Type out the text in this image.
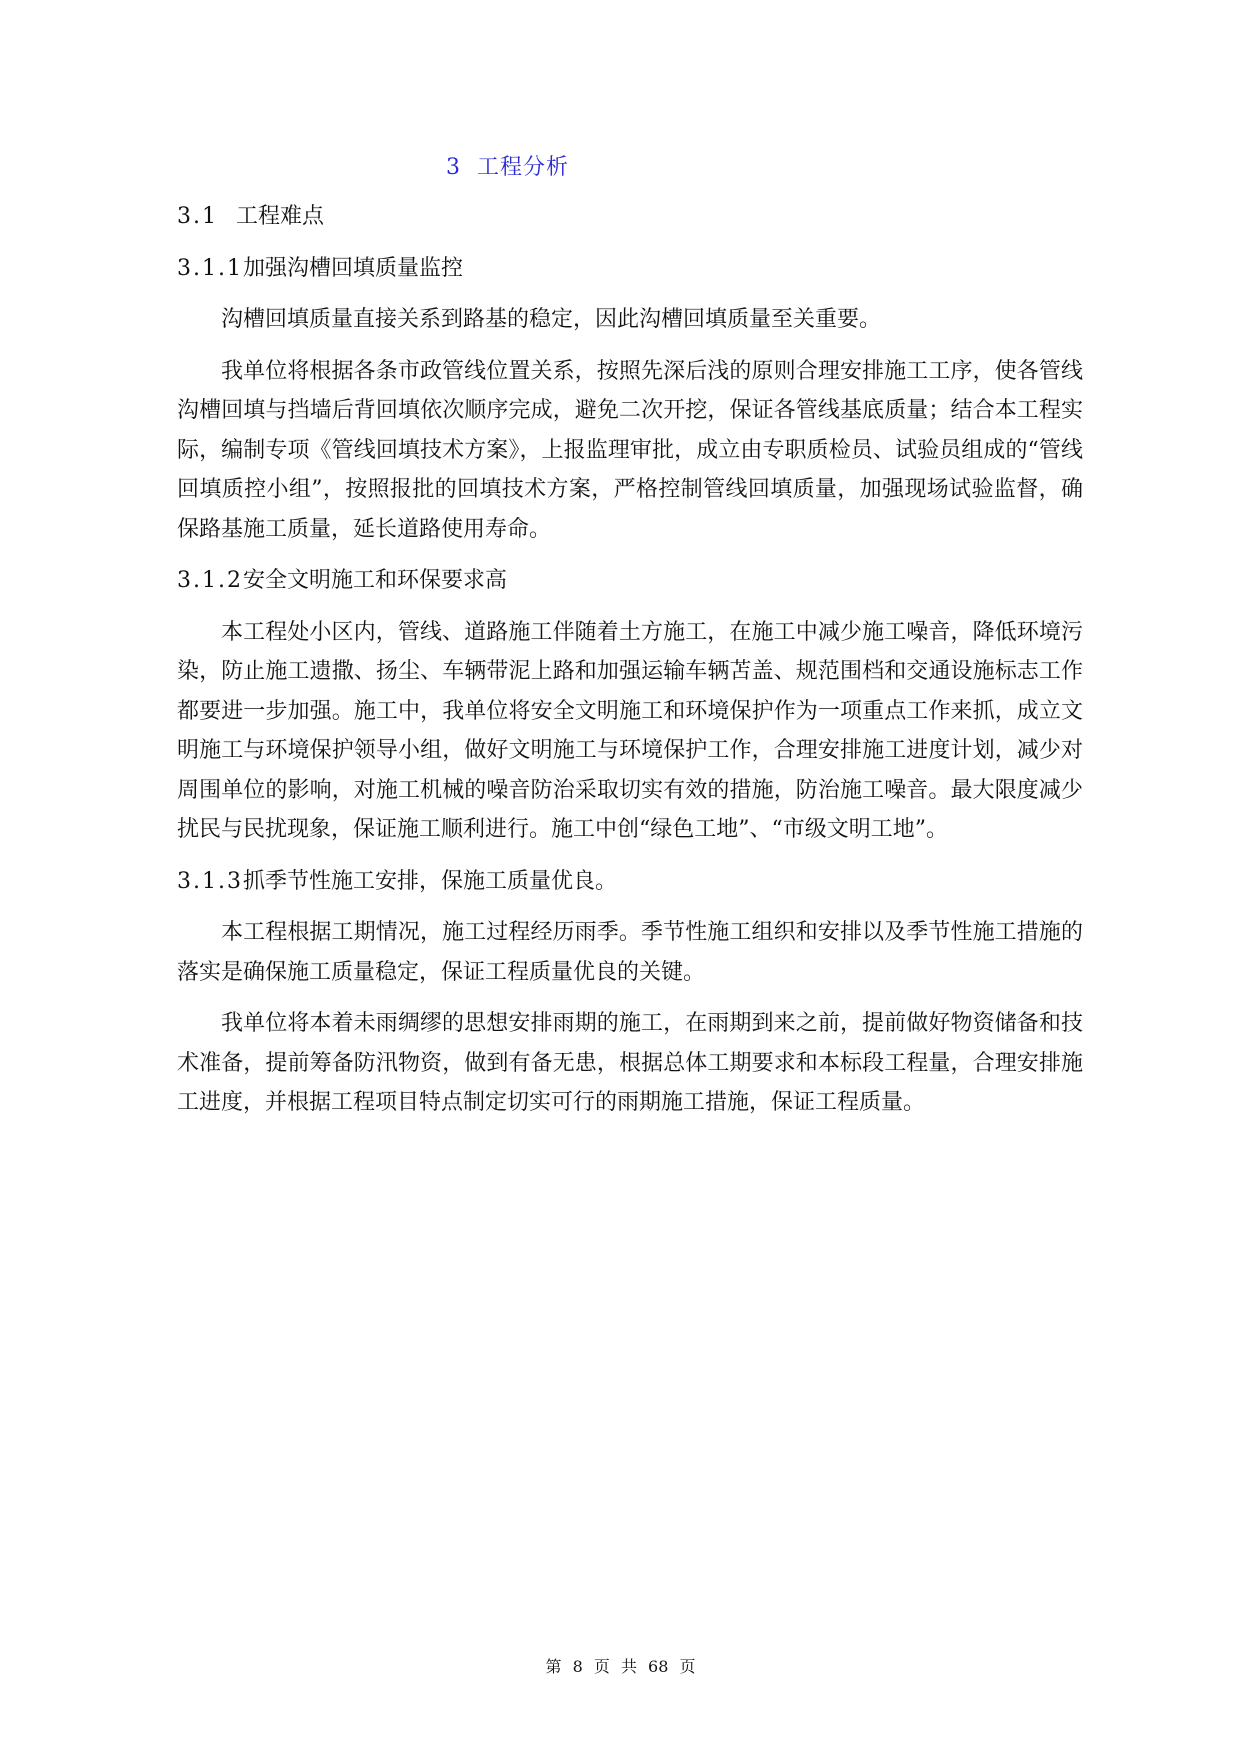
3 工程分析
3.1 工程难点
3.1.1加强沟槽回填质量监控

沟槽回填质量直接关系到路基的稳定，因此沟槽回填质量至关重要。

我单位将根据各条市政管线位置关系，按照先深后浅的原则合理安排施工工序，使各管线沟槽回填与挡墙后背回填依次顺序完成，避免二次开挖，保证各管线基底质量；结合本工程实际，编制专项《管线回填技术方案》，上报监理审批，成立由专职质检员、试验员组成的“管线回填质控小组”，按照报批的回填技术方案，严格控制管线回填质量，加强现场试验监督，确保路基施工质量，延长道路使用寿命。

3.1.2安全文明施工和环保要求高

本工程处小区内，管线、道路施工伴随着土方施工，在施工中减少施工噪音，降低环境污染，防止施工遗撒、扬尘、车辆带泥上路和加强运输车辆苫盖、规范围档和交通设施标志工作都要进一步加强。施工中，我单位将安全文明施工和环境保护作为一项重点工作来抓，成立文明施工与环境保护领导小组，做好文明施工与环境保护工作，合理安排施工进度计划，减少对周围单位的影响，对施工机械的噪音防治采取切实有效的措施，防治施工噪音。最大限度减少扰民与民扰现象，保证施工顺利进行。施工中创“绿色工地”、“市级文明工地”。

3.1.3抓季节性施工安排，保施工质量优良。

本工程根据工期情况，施工过程经历雨季。季节性施工组织和安排以及季节性施工措施的落实是确保施工质量稳定，保证工程质量优良的关键。

我单位将本着未雨绸缪的思想安排雨期的施工，在雨期到来之前，提前做好物资储备和技术准备，提前筹备防汛物资，做到有备无患，根据总体工期要求和本标段工程量，合理安排施工进度，并根据工程项目特点制定切实可行的雨期施工措施，保证工程质量。

第 8 页 共 68 页
